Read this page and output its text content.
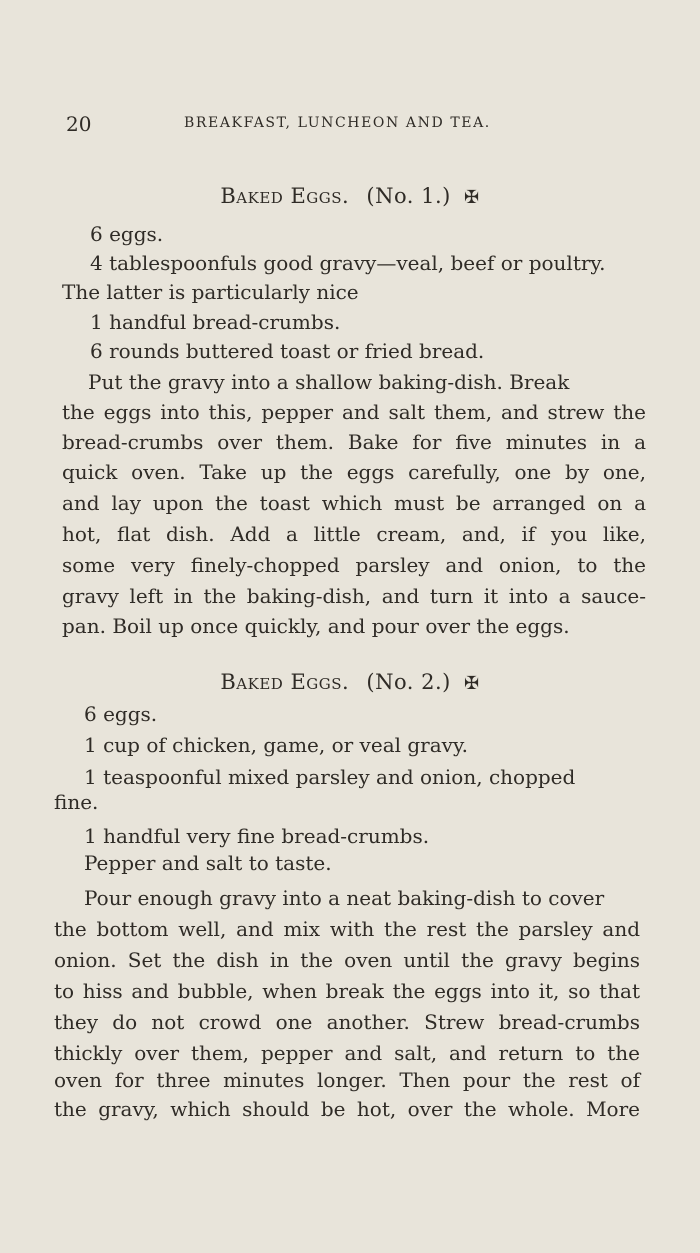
20	BREAKFAST, LUNCHEON AND TEA.
Baked Eggs. (No. 1.) ✠
6 eggs.
4 tablespoonfuls good gravy—veal, beef or poultry.
The latter is particularly nice
1 handful bread-crumbs.
6 rounds buttered toast or fried bread.
Put the gravy into a shallow baking-dish. Break
the eggs into this, pepper and salt them, and strew the
bread-crumbs over them. Bake for five minutes in a
quick oven. Take up the eggs carefully, one by one,
and lay upon the toast which must be arranged on a
hot, flat dish. Add a little cream, and, if you like,
some very finely-chopped parsley and onion, to the
gravy left in the baking-dish, and turn it into a sauce-
pan. Boil up once quickly, and pour over the eggs.
Baked Eggs. (No. 2.) ✠
6 eggs.
1 cup of chicken, game, or veal gravy.
1 teaspoonful mixed parsley and onion, chopped
fine.
1 handful very fine bread-crumbs.
Pepper and salt to taste.
Pour enough gravy into a neat baking-dish to cover
the bottom well, and mix with the rest the parsley and
onion. Set the dish in the oven until the gravy begins
to hiss and bubble, when break the eggs into it, so that
they do not crowd one another. Strew bread-crumbs
thickly over them, pepper and salt, and return to the
oven for three minutes longer. Then pour the rest of
the gravy, which should be hot, over the whole. More
